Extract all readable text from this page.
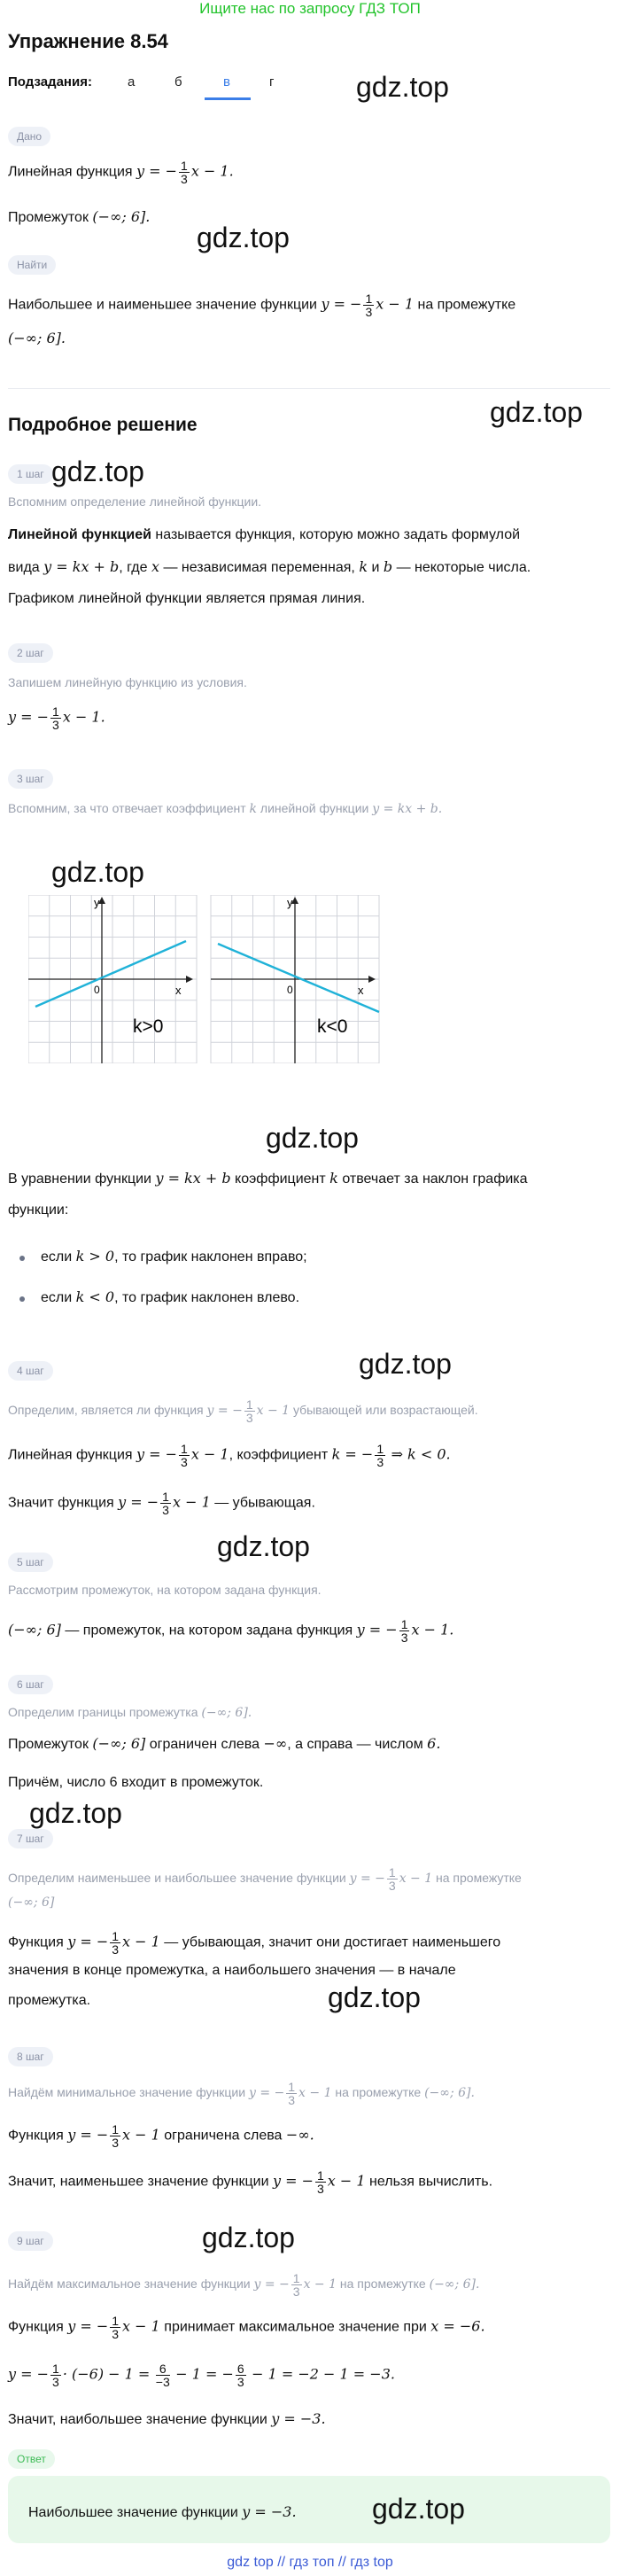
Ищите нас по запросу ГДЗ ТОП
Упражнение 8.54
Подзадания:	а	б	в	г	gdz.top
Дано
Линейная функция y = − $\frac{1}{3}$ x − 1.
Промежуток (−∞; 6].
gdz.top
Найти
Наибольшее и наименьшее значение функции y = − $\frac{1}{3}$ x − 1 на промежутке
(−∞; 6].
gdz.top
Подробное решение
1 шаг gdz.top
Вспомним определение линейной функции.
Линейной функцией называется функция, которую можно задать формулой
вида y = kx + b, где x — независимая переменная, k и b — некоторые числа.
Графиком линейной функции является прямая линия.
2 шаг
Запишем линейную функцию из условия.
y = − $\frac{1}{3}$ x − 1.
3 шаг
Вспомним, за что отвечает коэффициент k линейной функции y = kx + b.
gdz.top
y
x
0
k>0
y
x
0
k<0
gdz.top
В уравнении функции y = kx + b коэффициент k отвечает за наклон графика
функции:
если k > 0, то график наклонен вправо;
если k < 0, то график наклонен влево.
4 шаг	gdz.top
Определим, является ли функция y = − $\frac{1}{3}$ x − 1 убывающей или возрастающей.
Линейная функция y = − $\frac{1}{3}$ x − 1, коэффициент k = − $\frac{1}{3}$ ⇒ k < 0.
Значит функция y = − $\frac{1}{3}$ x − 1 — убывающая.
gdz.top
5 шаг
Рассмотрим промежуток, на котором задана функция.
(−∞; 6] — промежуток, на котором задана функция y = − $\frac{1}{3}$ x − 1.
6 шаг
Определим границы промежутка (−∞; 6].
Промежуток (−∞; 6] ограничен слева −∞, а справа — числом 6.
Причём, число 6 входит в промежуток.
gdz.top
7 шаг
Определим наименьшее и наибольшее значение функции y = − $\frac{1}{3}$ x − 1 на промежутке
(−∞; 6]
Функция y = − $\frac{1}{3}$ x − 1 — убывающая, значит они достигает наименьшего
значения в конце промежутка, а наибольшего значения — в начале
промежутка.	gdz.top
8 шаг
Найдём минимальное значение функции y = − $\frac{1}{3}$ x − 1 на промежутке (−∞; 6].
Функция y = − $\frac{1}{3}$ x − 1 ограничена слева −∞.
Значит, наименьшее значение функции y = − $\frac{1}{3}$ x − 1 нельзя вычислить.
9 шаг	gdz.top
Найдём максимальное значение функции y = − $\frac{1}{3}$ x − 1 на промежутке (−∞; 6].
Функция y = − $\frac{1}{3}$ x − 1 принимает максимальное значение при x = −6.
y = − $\frac{1}{3} \cdot (-6) - 1 = \frac{6}{-3} - 1$ = − $\frac{6}{3} - 1 = -2 - 1 = -3$.
Значит, наибольшее значение функции y = −3.
Ответ
Наибольшее значение функции y = −3.	gdz.top
gdz top // гдз топ // гдз top
